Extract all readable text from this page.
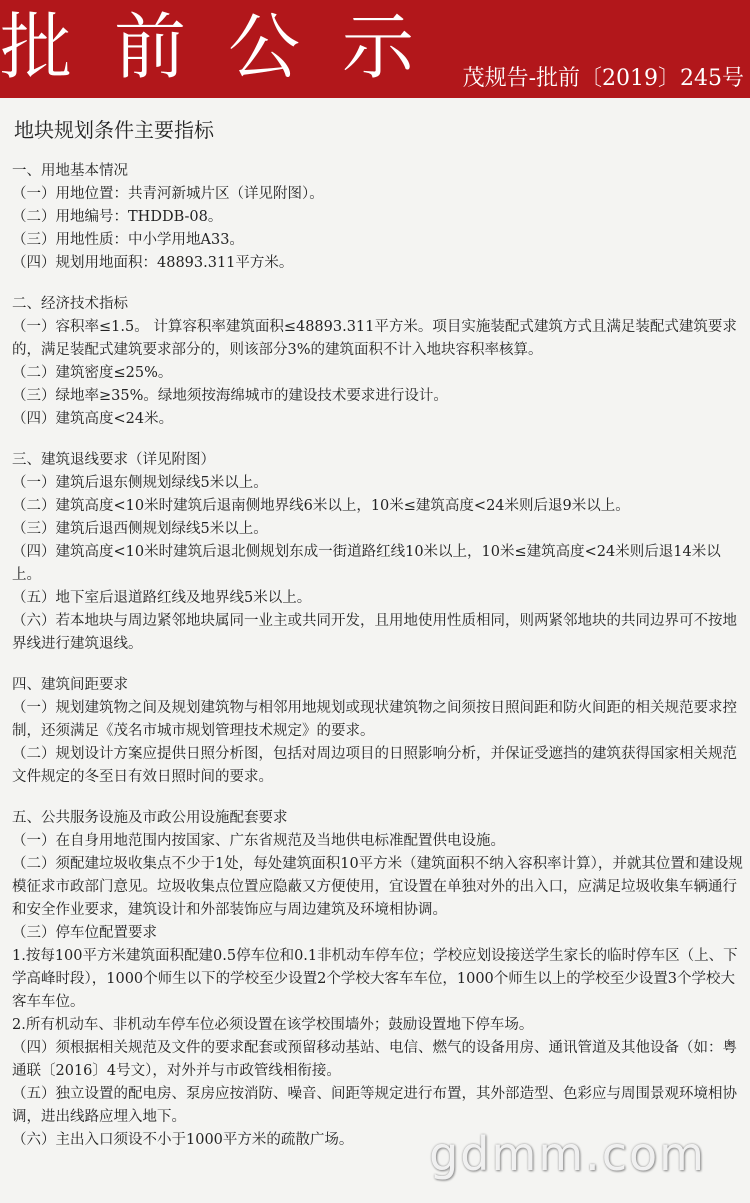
批前公示 茂规告-批前〔2019〕245号
地块规划条件主要指标
一、用地基本情况
（一）用地位置：共青河新城片区（详见附图）。
（二）用地编号：THDDB-08。
（三）用地性质：中小学用地A33。
（四）规划用地面积：48893.311平方米。
二、经济技术指标
（一）容积率≤1.5。 计算容积率建筑面积≤48893.311平方米。项目实施装配式建筑方式且满足装配式建筑要求的，满足装配式建筑要求部分的，则该部分3%的建筑面积不计入地块容积率核算。
（二）建筑密度≤25%。
（三）绿地率≥35%。绿地须按海绵城市的建设技术要求进行设计。
（四）建筑高度<24米。
三、建筑退线要求（详见附图）
（一）建筑后退东侧规划绿线5米以上。
（二）建筑高度<10米时建筑后退南侧地界线6米以上，10米≤建筑高度<24米则后退9米以上。
（三）建筑后退西侧规划绿线5米以上。
（四）建筑高度<10米时建筑后退北侧规划东成一街道路红线10米以上，10米≤建筑高度<24米则后退14米以上。
（五）地下室后退道路红线及地界线5米以上。
（六）若本地块与周边紧邻地块属同一业主或共同开发，且用地使用性质相同，则两紧邻地块的共同边界可不按地界线进行建筑退线。
四、建筑间距要求
（一）规划建筑物之间及规划建筑物与相邻用地规划或现状建筑物之间须按日照间距和防火间距的相关规范要求控制，还须满足《茂名市城市规划管理技术规定》的要求。
（二）规划设计方案应提供日照分析图，包括对周边项目的日照影响分析，并保证受遮挡的建筑获得国家相关规范文件规定的冬至日有效日照时间的要求。
五、公共服务设施及市政公用设施配套要求
（一）在自身用地范围内按国家、广东省规范及当地供电标准配置供电设施。
（二）须配建垃圾收集点不少于1处，每处建筑面积10平方米（建筑面积不纳入容积率计算），并就其位置和建设规模征求市政部门意见。垃圾收集点位置应隐蔽又方便使用，宜设置在单独对外的出入口，应满足垃圾收集车辆通行和安全作业要求，建筑设计和外部装饰应与周边建筑及环境相协调。
（三）停车位配置要求
1.按每100平方米建筑面积配建0.5停车位和0.1非机动车停车位；学校应划设接送学生家长的临时停车区（上、下学高峰时段），1000个师生以下的学校至少设置2个学校大客车车位，1000个师生以上的学校至少设置3个学校大客车车位。
2.所有机动车、非机动车停车位必须设置在该学校围墙外；鼓励设置地下停车场。
（四）须根据相关规范及文件的要求配套或预留移动基站、电信、燃气的设备用房、通讯管道及其他设备（如：粤通联〔2016〕4号文），对外并与市政管线相衔接。
（五）独立设置的配电房、泵房应按消防、噪音、间距等规定进行布置，其外部造型、色彩应与周围景观环境相协调，进出线路应埋入地下。
（六）主出入口须设不小于1000平方米的疏散广场。	gdmm.com
